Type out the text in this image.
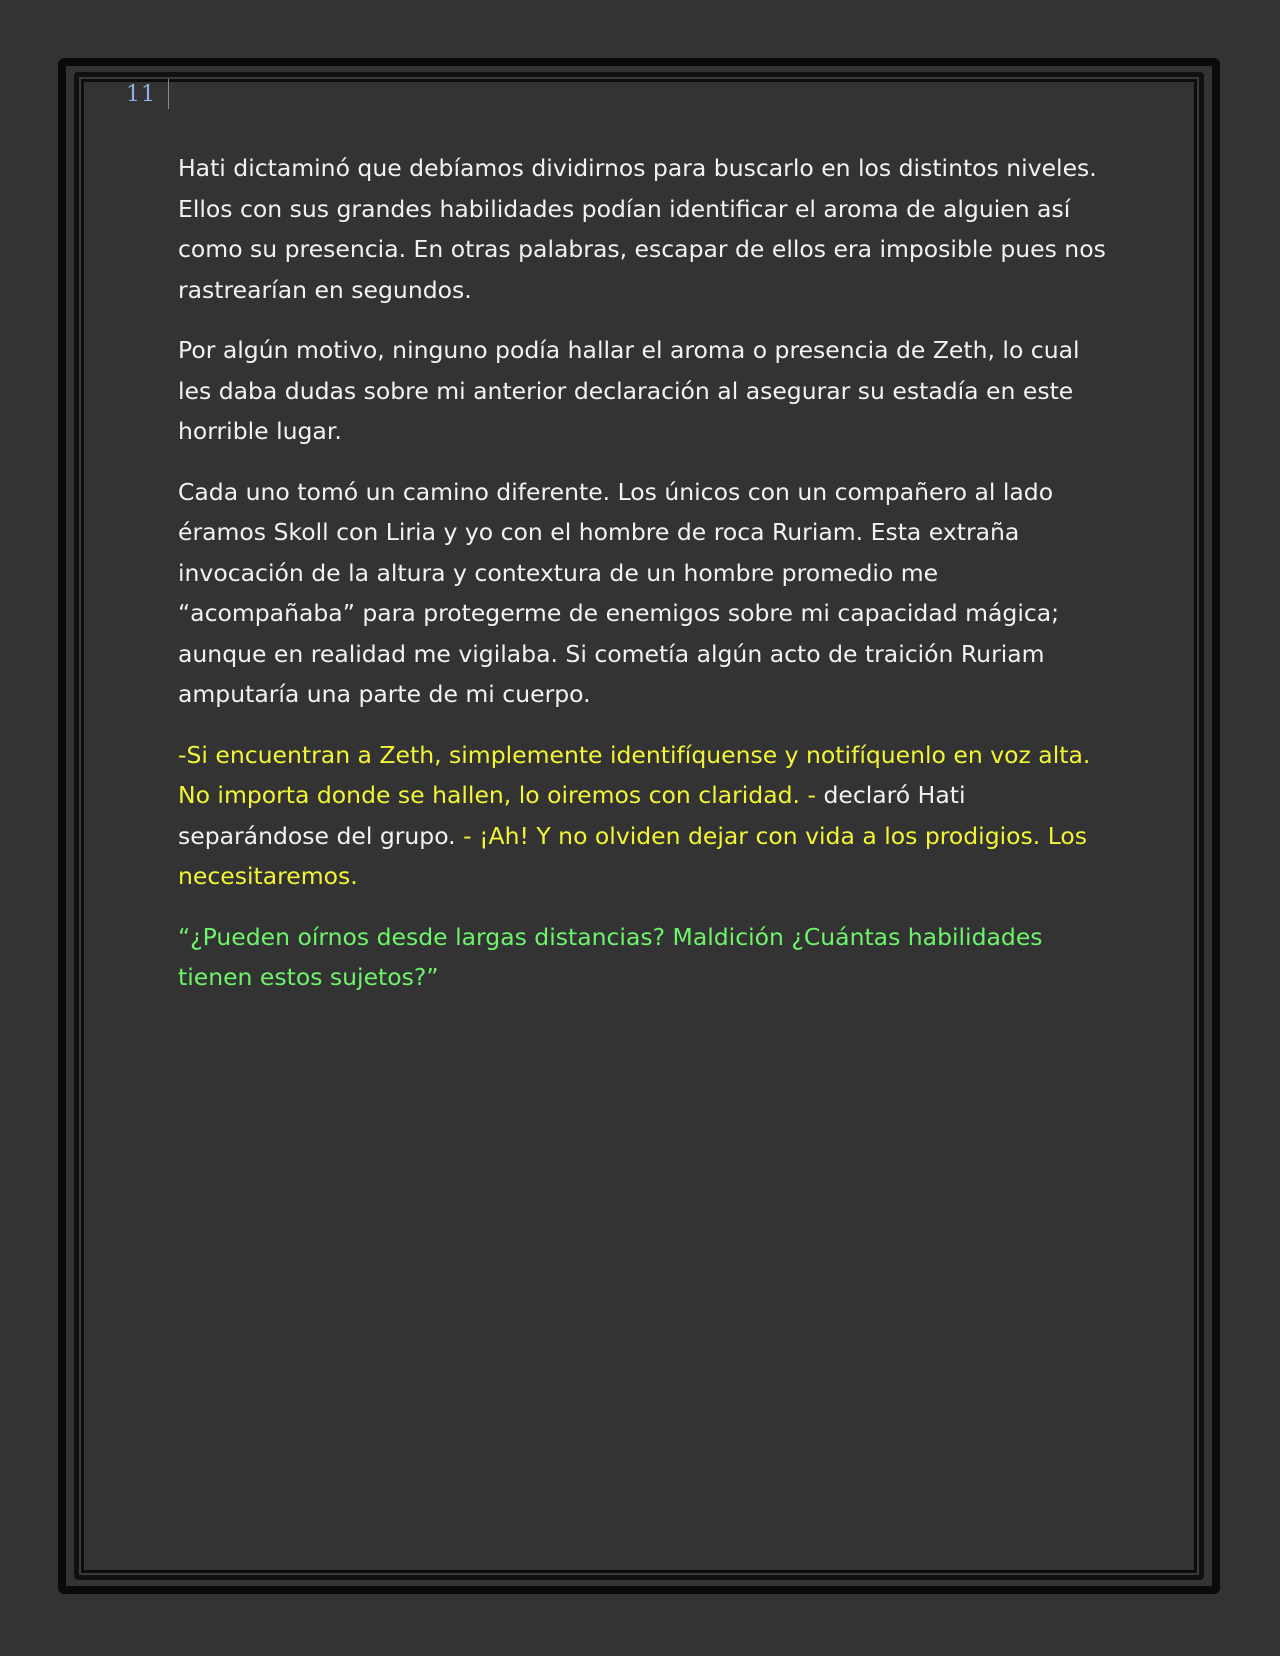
11

Hati dictaminó que debíamos dividirnos para buscarlo en los distintos niveles. Ellos con sus grandes habilidades podían identificar el aroma de alguien así como su presencia. En otras palabras, escapar de ellos era imposible pues nos rastrearían en segundos.

Por algún motivo, ninguno podía hallar el aroma o presencia de Zeth, lo cual les daba dudas sobre mi anterior declaración al asegurar su estadía en este horrible lugar.

Cada uno tomó un camino diferente. Los únicos con un compañero al lado éramos Skoll con Liria y yo con el hombre de roca Ruriam. Esta extraña invocación de la altura y contextura de un hombre promedio me “acompañaba” para protegerme de enemigos sobre mi capacidad mágica; aunque en realidad me vigilaba. Si cometía algún acto de traición Ruriam amputaría una parte de mi cuerpo.

-Si encuentran a Zeth, simplemente identifíquense y notifíquenlo en voz alta. No importa donde se hallen, lo oiremos con claridad. - declaró Hati separándose del grupo. - ¡Ah! Y no olviden dejar con vida a los prodigios. Los necesitaremos.

“¿Pueden oírnos desde largas distancias? Maldición ¿Cuántas habilidades tienen estos sujetos?”
